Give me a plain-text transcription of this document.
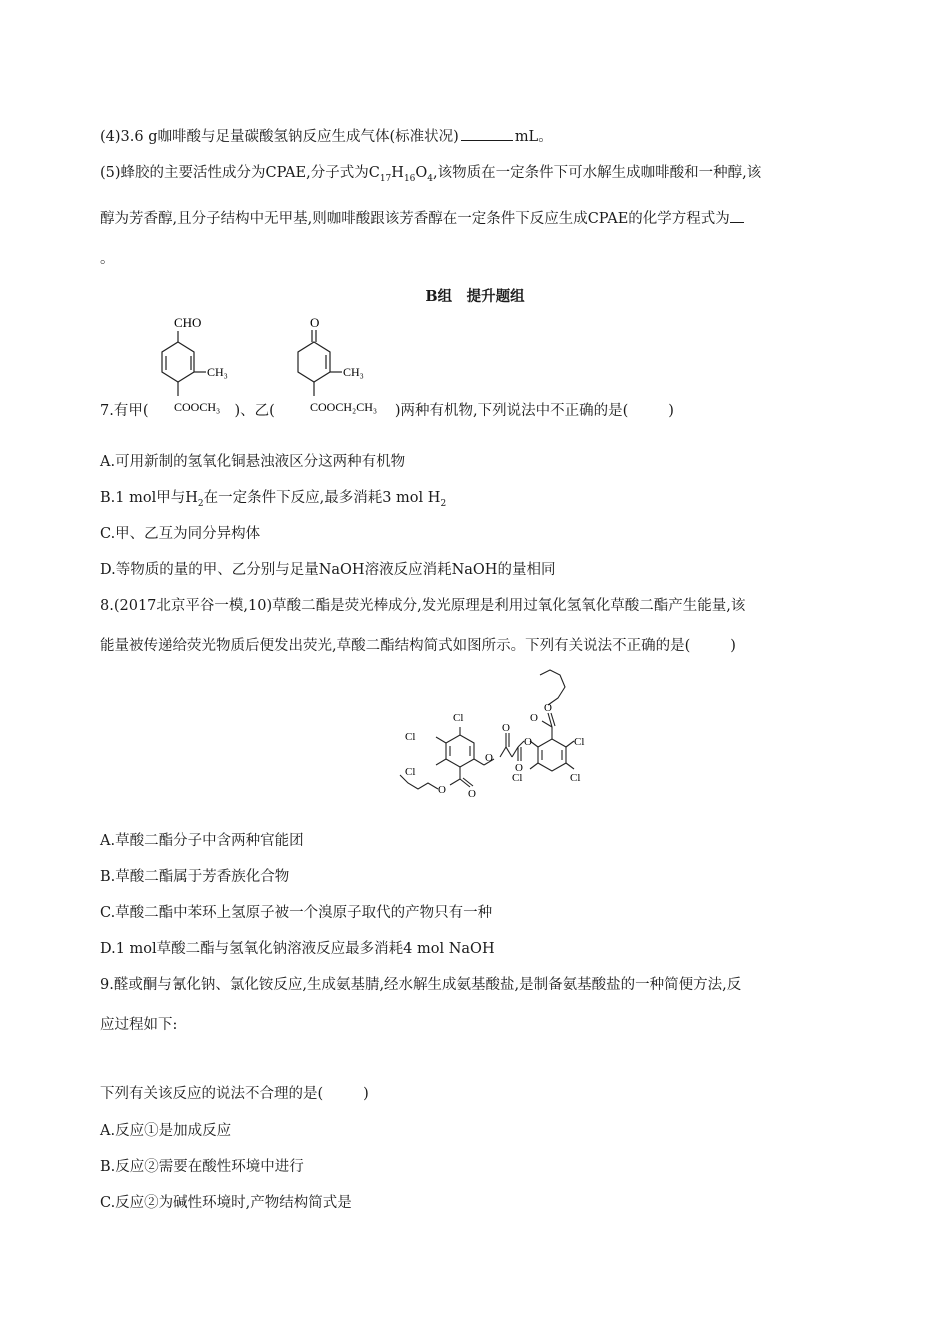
(4)3.6 g咖啡酸与足量碳酸氢钠反应生成气体(标准状况)	mL。
(5)蜂胶的主要活性成分为CPAE,分子式为$C_{17}H_{16}O_4$,该物质在一定条件下可水解生成咖啡酸和一种醇,该
醇为芳香醇,且分子结构中无甲基,则咖啡酸跟该芳香醇在一定条件下反应生成CPAE的化学方程式为
。
B组　提升题组
CHO
CH₃
COOCH₃
O
CH₃
COOCH₂CH₃
7.有甲(	)、乙(	)两种有机物,下列说法中不正确的是(	)
A.可用新制的氢氧化铜悬浊液区分这两种有机物
B.1 mol甲与$H_2$在一定条件下反应,最多消耗3 mol $H_2$
C.甲、乙互为同分异构体
D.等物质的量的甲、乙分别与足量NaOH溶液反应消耗NaOH的量相同
8.(2017北京平谷一模,10)草酸二酯是荧光棒成分,发光原理是利用过氧化氢氧化草酸二酯产生能量,该
能量被传递给荧光物质后便发出荧光,草酸二酯结构简式如图所示。下列有关说法不正确的是(	)
Cl
Cl
Cl
O
O
O
O
O
O
O O
Cl
Cl	Cl
A.草酸二酯分子中含两种官能团
B.草酸二酯属于芳香族化合物
C.草酸二酯中苯环上氢原子被一个溴原子取代的产物只有一种
D.1 mol草酸二酯与氢氧化钠溶液反应最多消耗4 mol NaOH
9.醛或酮与氰化钠、氯化铵反应,生成氨基腈,经水解生成氨基酸盐,是制备氨基酸盐的一种简便方法,反
应过程如下:
下列有关该反应的说法不合理的是(	)
A.反应①是加成反应
B.反应②需要在酸性环境中进行
C.反应②为碱性环境时,产物结构简式是
